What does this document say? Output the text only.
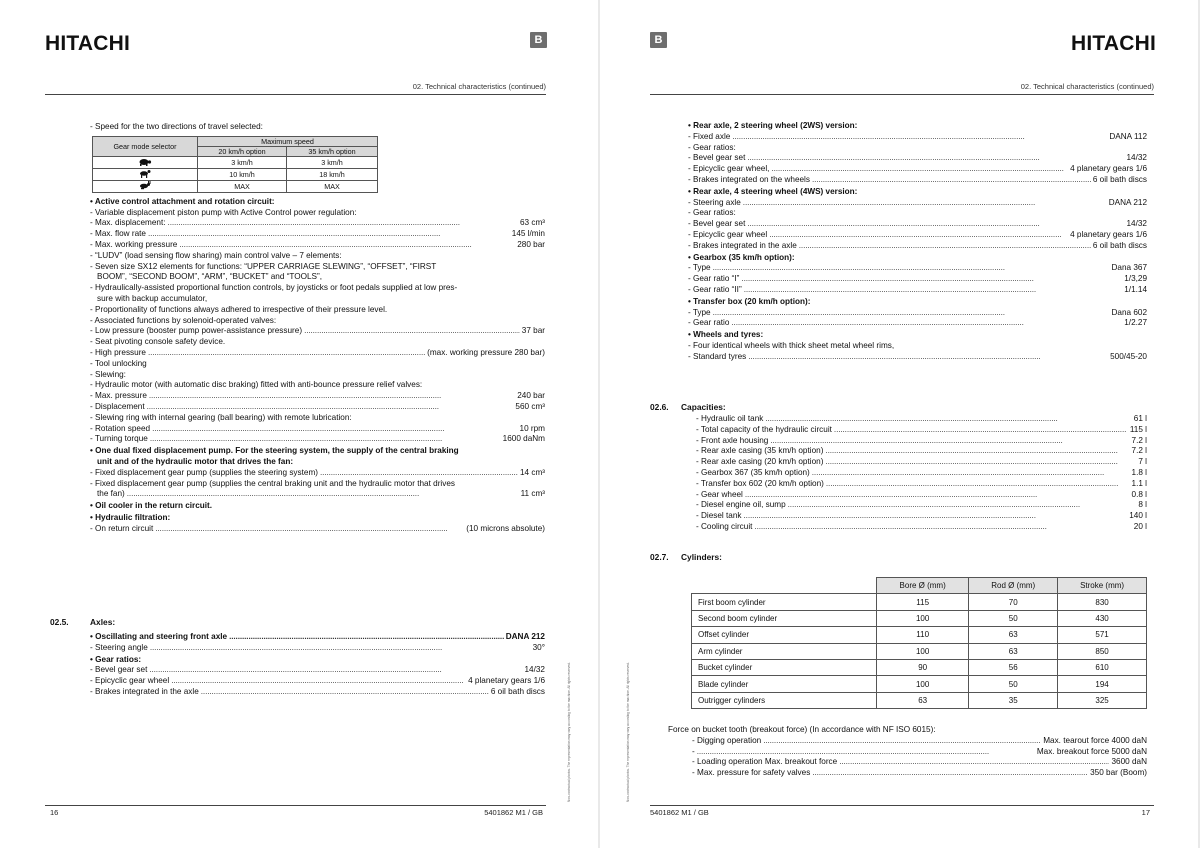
HITACHI	B
02. Technical characteristics (continued)
- Speed for the two directions of travel selected:
Gear mode selector	Maximum speed	
	20 km/h option	35 km/h option
	3 km/h	3 km/h
	10 km/h	18 km/h
	MAX	MAX
• Active control attachment and rotation circuit:
- Variable displacement piston pump with Active Control power regulation:
- Max. displacement: . . .	63 cm³
- Max. flow rate . . .	145 l/min
- Max. working pressure . . .	280 bar
- “LUDV” (load sensing flow sharing) main control valve – 7 elements:
- Seven size SX12 elements for functions: “UPPER CARRIAGE SLEWING”, “OFFSET”, “FIRST
BOOM”, “SECOND BOOM”, “ARM”, “BUCKET” and “TOOLS”,
- Hydraulically-assisted proportional function controls, by joysticks or foot pedals supplied at low pres-
sure with backup accumulator,
- Proportionality of functions always adhered to irrespective of their pressure level.
- Associated functions by solenoid-operated valves:
- Low pressure (booster pump power-assistance pressure) . . .	37 bar
- Seat pivoting console safety device.
- High pressure . . .	(max. working pressure 280 bar)
- Tool unlocking
- Slewing:
- Hydraulic motor (with automatic disc braking) fitted with anti-bounce pressure relief valves:
- Max. pressure . . .	240 bar
- Displacement . . .	560 cm³
- Slewing ring with internal gearing (ball bearing) with remote lubrication:
- Rotation speed . . .	10 rpm
- Turning torque . . .	1600 daNm
• One dual fixed displacement pump. For the steering system, the supply of the central braking
unit and of the hydraulic motor that drives the fan:
- Fixed displacement gear pump (supplies the steering system) . . .	14 cm³
- Fixed displacement gear pump (supplies the central braking unit and the hydraulic motor that drives
the fan) . . .	11 cm³
• Oil cooler in the return circuit.
• Hydraulic filtration:
- On return circuit . . .	(10 microns absolute)
02.5.	Axles:
• Oscillating and steering front axle . . .	DANA 212
- Steering angle . . .	30°
• Gear ratios:
- Bevel gear set . . .	14/32
- Epicyclic gear wheel . . .	4 planetary gears 1/6
- Brakes integrated in the axle . . .	6 oil bath discs
16	5401862 M1 / GB
Non-contractual photos. The representation may vary according to the machine. All rights reserved.
B	HITACHI
02. Technical characteristics (continued)
Non-contractual photos. The representation may vary according to the machine. All rights reserved.
• Rear axle, 2 steering wheel (2WS) version:
- Fixed axle . . .	DANA 112
- Gear ratios:
- Bevel gear set . . .	14/32
- Epicyclic gear wheel, . . .	4 planetary gears 1/6
- Brakes integrated on the wheels . . .	6 oil bath discs
• Rear axle, 4 steering wheel (4WS) version:
- Steering axle . . .	DANA 212
- Gear ratios:
- Bevel gear set . . .	14/32
- Epicyclic gear wheel . . .	4 planetary gears 1/6
- Brakes integrated in the axle . . .	6 oil bath discs
• Gearbox (35 km/h option):
- Type . . .	Dana 367
- Gear ratio “I” . . .	1/3,29
- Gear ratio “II” . . .	1/1.14
• Transfer box (20 km/h option):
- Type . . .	Dana 602
- Gear ratio . . .	1/2.27
• Wheels and tyres:
- Four identical wheels with thick sheet metal wheel rims,
- Standard tyres . . .	500/45-20
02.6. Capacities:
- Hydraulic oil tank . . .	61 l
- Total capacity of the hydraulic circuit . . .	115 l
- Front axle housing . . .	7.2 l
- Rear axle casing (35 km/h option) . . .	7.2 l
- Rear axle casing (20 km/h option) . . .	7 l
- Gearbox 367 (35 km/h option) . . .	1.8 l
- Transfer box 602 (20 km/h option) . . .	1.1 l
- Gear wheel . . .	0.8 l
- Diesel engine oil, sump . . .	8 l
- Diesel tank . . .	140 l
- Cooling circuit . . .	20 l
02.7. Cylinders:
	Bore Ø (mm)	Rod Ø (mm)	Stroke (mm)
First boom cylinder	115	70	830
Second boom cylinder	100	50	430
Offset cylinder	110	63	571
Arm cylinder	100	63	850
Bucket cylinder	90	56	610
Blade cylinder	100	50	194
Outrigger cylinders	63	35	325
Force on bucket tooth (breakout force) (In accordance with NF ISO 6015):
- Digging operation . . .	Max. tearout force 4000 daN
- . . .	Max. breakout force 5000 daN
- Loading operation Max. breakout force . . .	3600 daN
- Max. pressure for safety valves . . .	350 bar (Boom)
5401862 M1 / GB	17
